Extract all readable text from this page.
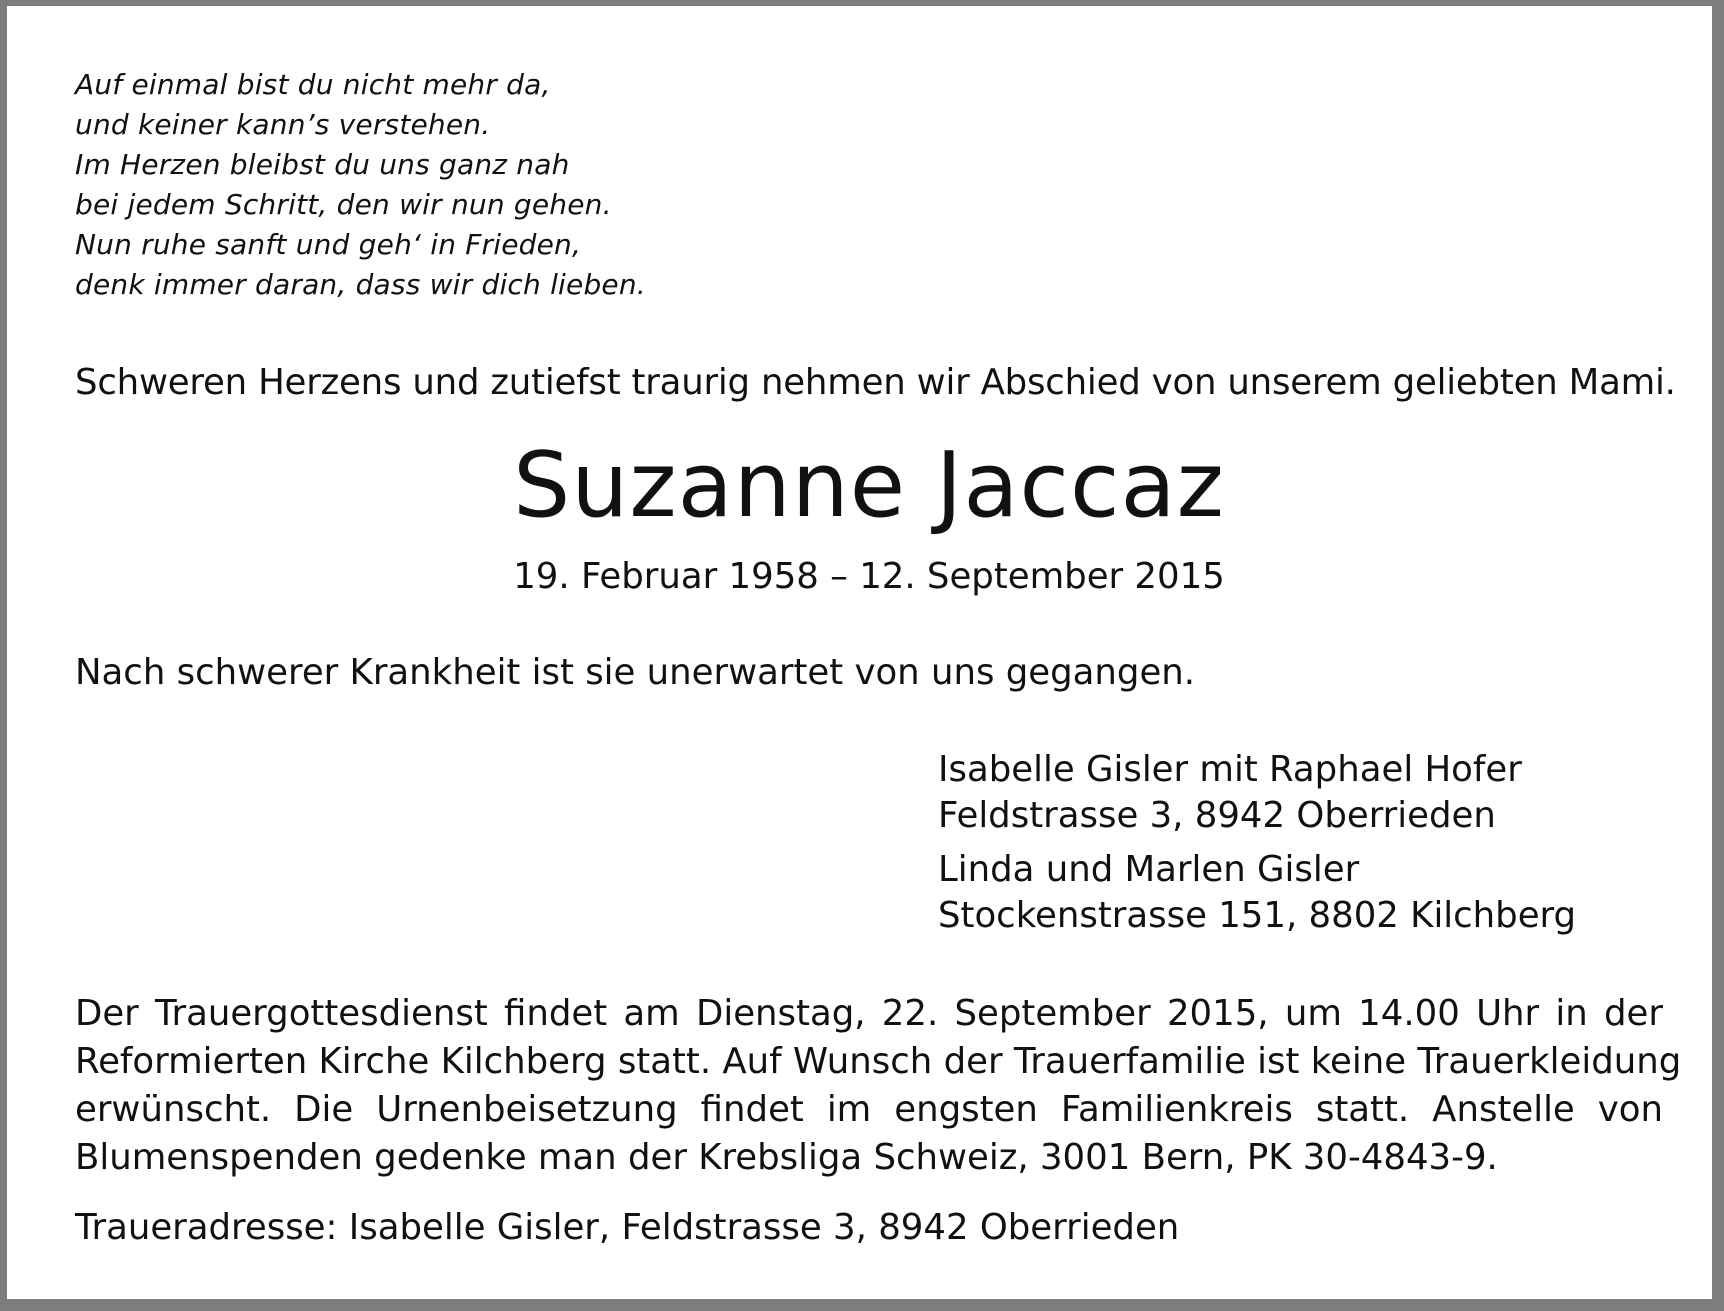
Auf einmal bist du nicht mehr da,
und keiner kann’s verstehen.
Im Herzen bleibst du uns ganz nah
bei jedem Schritt, den wir nun gehen.
Nun ruhe sanft und geh‘ in Frieden,
denk immer daran, dass wir dich lieben.
Schweren Herzens und zutiefst traurig nehmen wir Abschied von unserem geliebten Mami.
Suzanne Jaccaz
19. Februar 1958 – 12. September 2015
Nach schwerer Krankheit ist sie unerwartet von uns gegangen.
Isabelle Gisler mit Raphael Hofer
Feldstrasse 3, 8942 Oberrieden
Linda und Marlen Gisler
Stockenstrasse 151, 8802 Kilchberg
Der Trauergottesdienst findet am Dienstag, 22. September 2015, um 14.00 Uhr in der
Reformierten Kirche Kilchberg statt. Auf Wunsch der Trauerfamilie ist keine Trauerkleidung
erwünscht. Die Urnenbeisetzung findet im engsten Familienkreis statt. Anstelle von
Blumenspenden gedenke man der Krebsliga Schweiz, 3001 Bern, PK 30-4843-9.
Traueradresse: Isabelle Gisler, Feldstrasse 3, 8942 Oberrieden
